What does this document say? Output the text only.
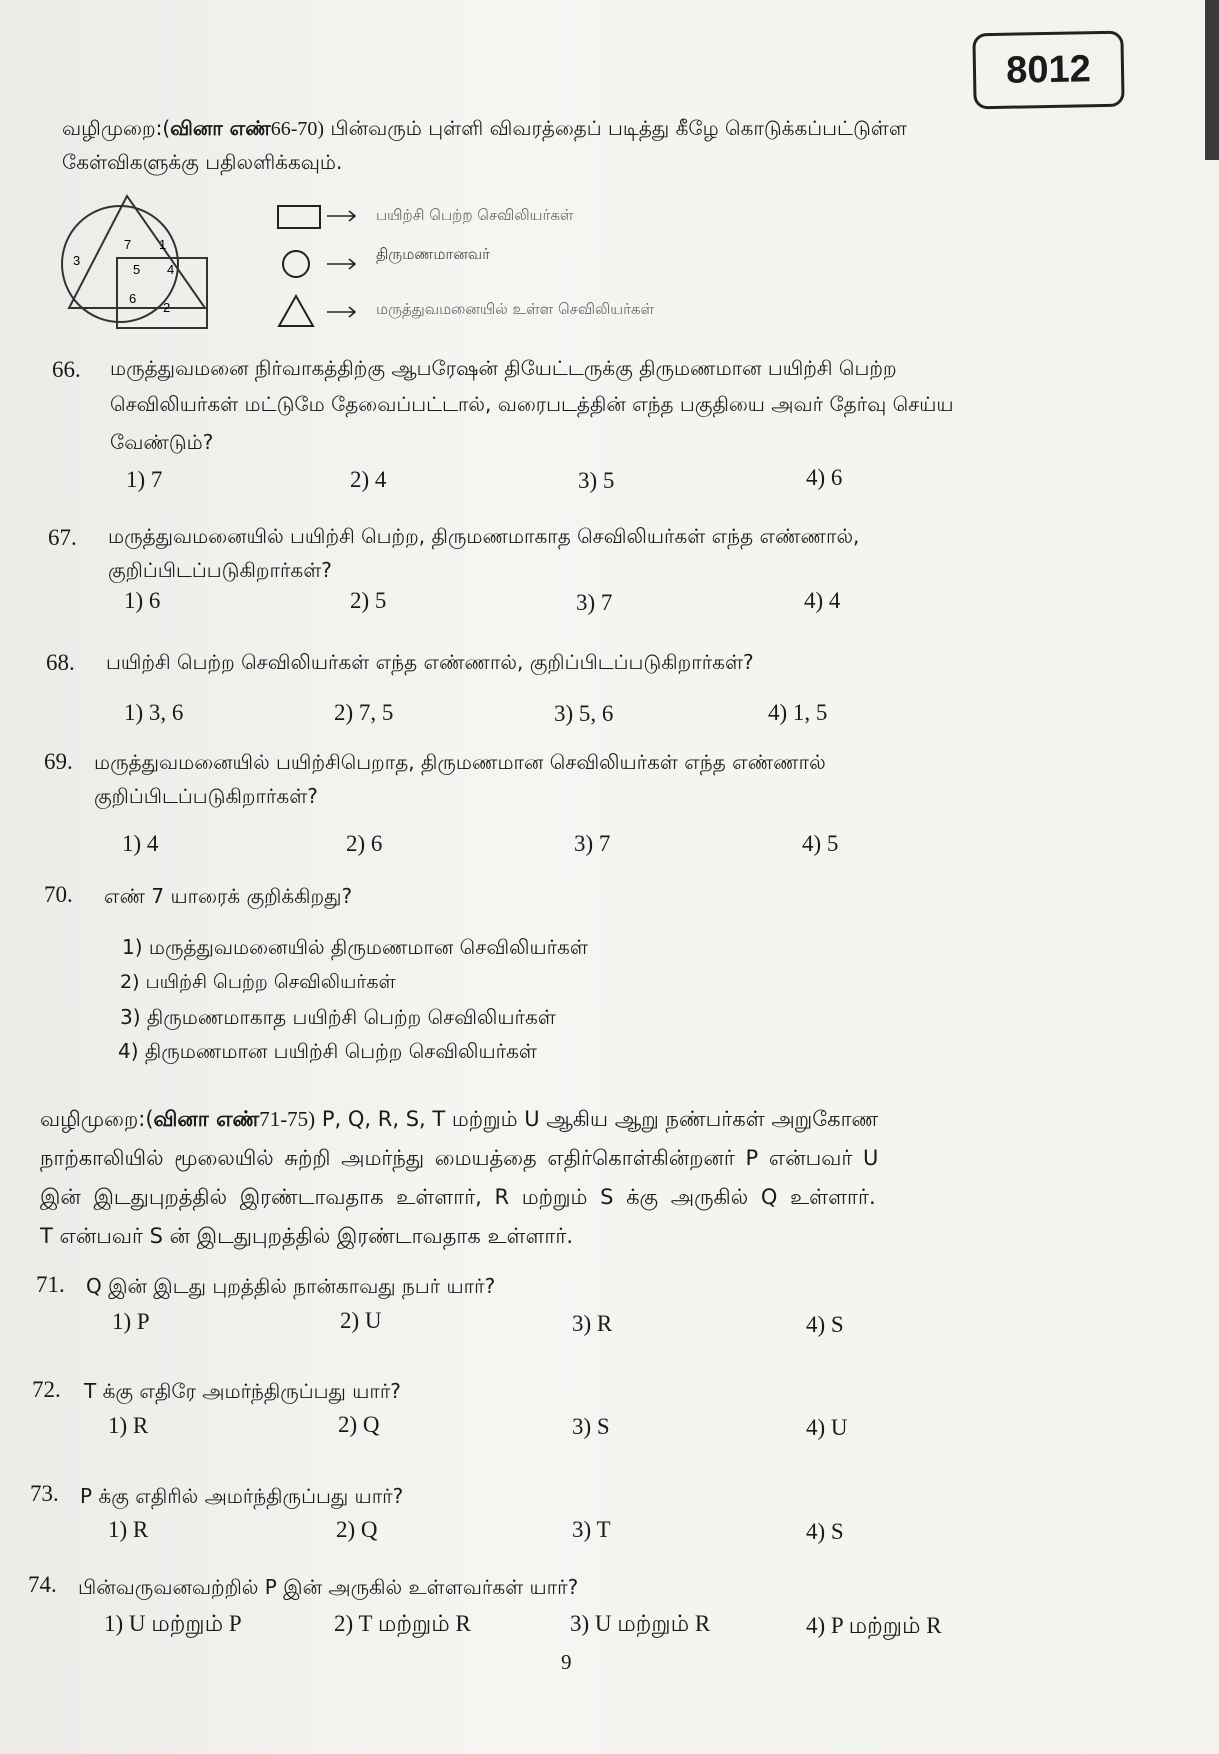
8012
வழிமுறை:(வினா எண்66-70) பின்வரும் புள்ளி விவரத்தைப் படித்து கீழே கொடுக்கப்பட்டுள்ள
கேள்விகளுக்கு பதிலளிக்கவும்.
3
7 1
5 4
6
2
பயிற்சி பெற்ற செவிலியர்கள்
திருமணமானவர்
மருத்துவமனையில் உள்ள செவிலியர்கள்
66. மருத்துவமனை நிர்வாகத்திற்கு ஆபரேஷன் தியேட்டருக்கு திருமணமான பயிற்சி பெற்ற
செவிலியர்கள் மட்டுமே தேவைப்பட்டால், வரைபடத்தின் எந்த பகுதியை அவர் தேர்வு செய்ய
வேண்டும்?
1) 7	2) 4	3) 5	4) 6
67. மருத்துவமனையில் பயிற்சி பெற்ற, திருமணமாகாத செவிலியர்கள் எந்த எண்ணால்,
குறிப்பிடப்படுகிறார்கள்?
1) 6	2) 5	3) 7	4) 4
68. பயிற்சி பெற்ற செவிலியர்கள் எந்த எண்ணால், குறிப்பிடப்படுகிறார்கள்?
1) 3, 6	2) 7, 5	3) 5, 6	4) 1, 5
69. மருத்துவமனையில் பயிற்சிபெறாத, திருமணமான செவிலியர்கள் எந்த எண்ணால்
குறிப்பிடப்படுகிறார்கள்?
1) 4	2) 6	3) 7	4) 5
70. எண் 7 யாரைக் குறிக்கிறது?
1) மருத்துவமனையில் திருமணமான செவிலியர்கள்
2) பயிற்சி பெற்ற செவிலியர்கள்
3) திருமணமாகாத பயிற்சி பெற்ற செவிலியர்கள்
4) திருமணமான பயிற்சி பெற்ற செவிலியர்கள்
வழிமுறை:(வினா எண்71-75) P, Q, R, S, T மற்றும் U ஆகிய ஆறு நண்பர்கள் அறுகோண
நாற்காலியில் மூலையில் சுற்றி அமர்ந்து மையத்தை எதிர்கொள்கின்றனர் P என்பவர் U
இன் இடதுபுறத்தில் இரண்டாவதாக உள்ளார், R மற்றும் S க்கு அருகில் Q உள்ளார்.
T என்பவர் S ன் இடதுபுறத்தில் இரண்டாவதாக உள்ளார்.
71. Q இன் இடது புறத்தில் நான்காவது நபர் யார்?
1) P	2) U	3) R	4) S
72. T க்கு எதிரே அமர்ந்திருப்பது யார்?
1) R	2) Q	3) S	4) U
73. P க்கு எதிரில் அமர்ந்திருப்பது யார்?
1) R	2) Q	3) T	4) S
74. பின்வருவனவற்றில் P இன் அருகில் உள்ளவர்கள் யார்?
1) U மற்றும் P	2) T மற்றும் R	3) U மற்றும் R	4) P மற்றும் R
9
